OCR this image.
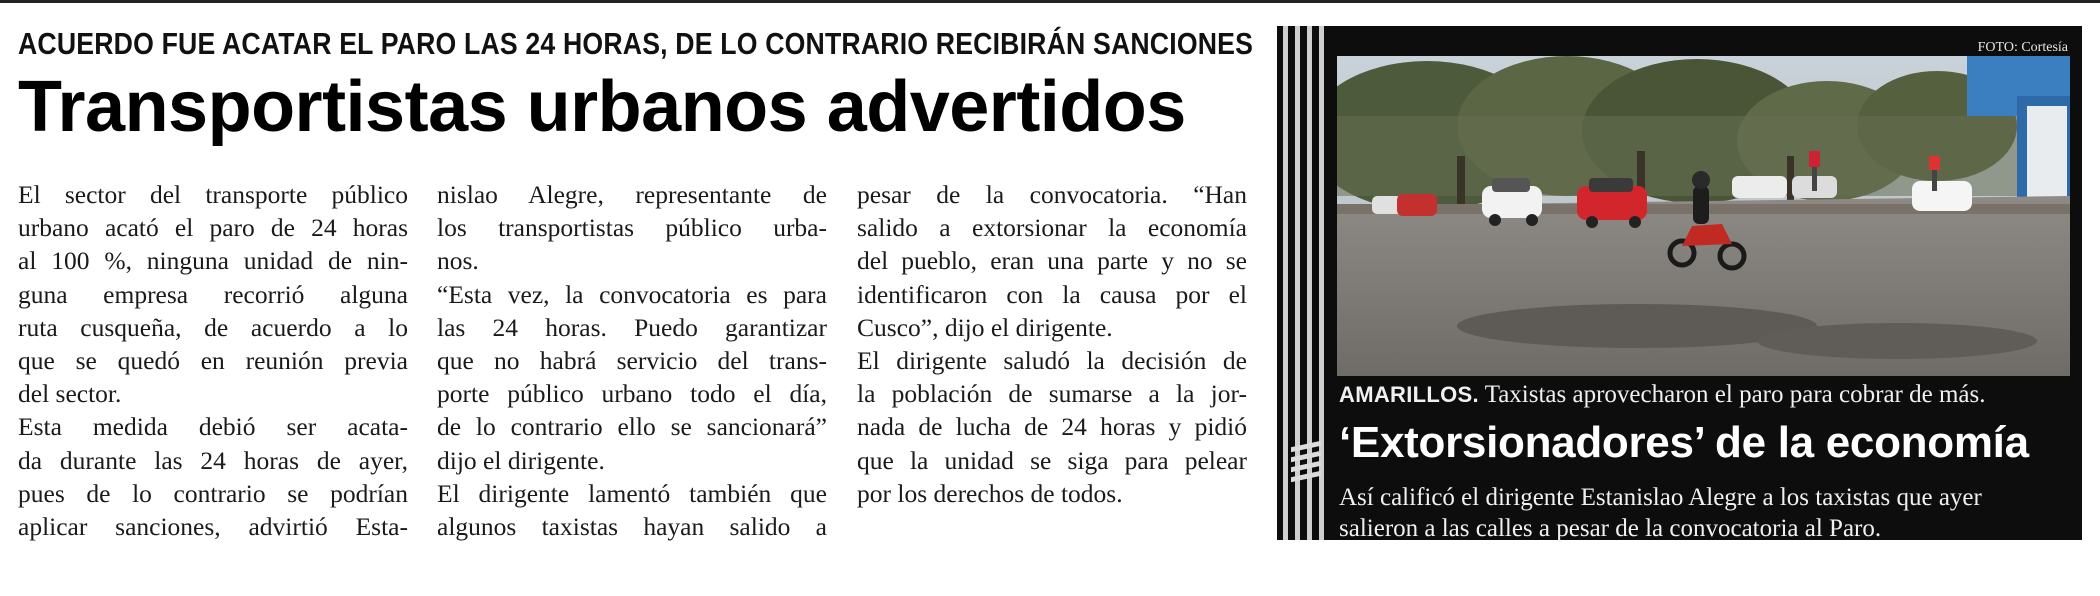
ACUERDO FUE ACATAR EL PARO LAS 24 HORAS, DE LO CONTRARIO RECIBIRÁN SANCIONES
Transportistas urbanos advertidos
El sector del transporte público
urbano acató el paro de 24 horas
al 100 %, ninguna unidad de nin-
guna empresa recorrió alguna
ruta cusqueña, de acuerdo a lo
que se quedó en reunión previa
del sector.
Esta medida debió ser acata-
da durante las 24 horas de ayer,
pues de lo contrario se podrían
aplicar sanciones, advirtió Esta-
nislao Alegre, representante de
los transportistas público urba-
nos.
“Esta vez, la convocatoria es para
las 24 horas. Puedo garantizar
que no habrá servicio del trans-
porte público urbano todo el día,
de lo contrario ello se sancionará”
dijo el dirigente.
El dirigente lamentó también que
algunos taxistas hayan salido a
pesar de la convocatoria. “Han
salido a extorsionar la economía
del pueblo, eran una parte y no se
identificaron con la causa por el
Cusco”, dijo el dirigente.
El dirigente saludó la decisión de
la población de sumarse a la jor-
nada de lucha de 24 horas y pidió
que la unidad se siga para pelear
por los derechos de todos.
FOTO: Cortesía
AMARILLOS. Taxistas aprovecharon el paro para cobrar de más.
‘Extorsionadores’ de la economía
Así calificó el dirigente Estanislao Alegre a los taxistas que ayer
salieron a las calles a pesar de la convocatoria al Paro.
